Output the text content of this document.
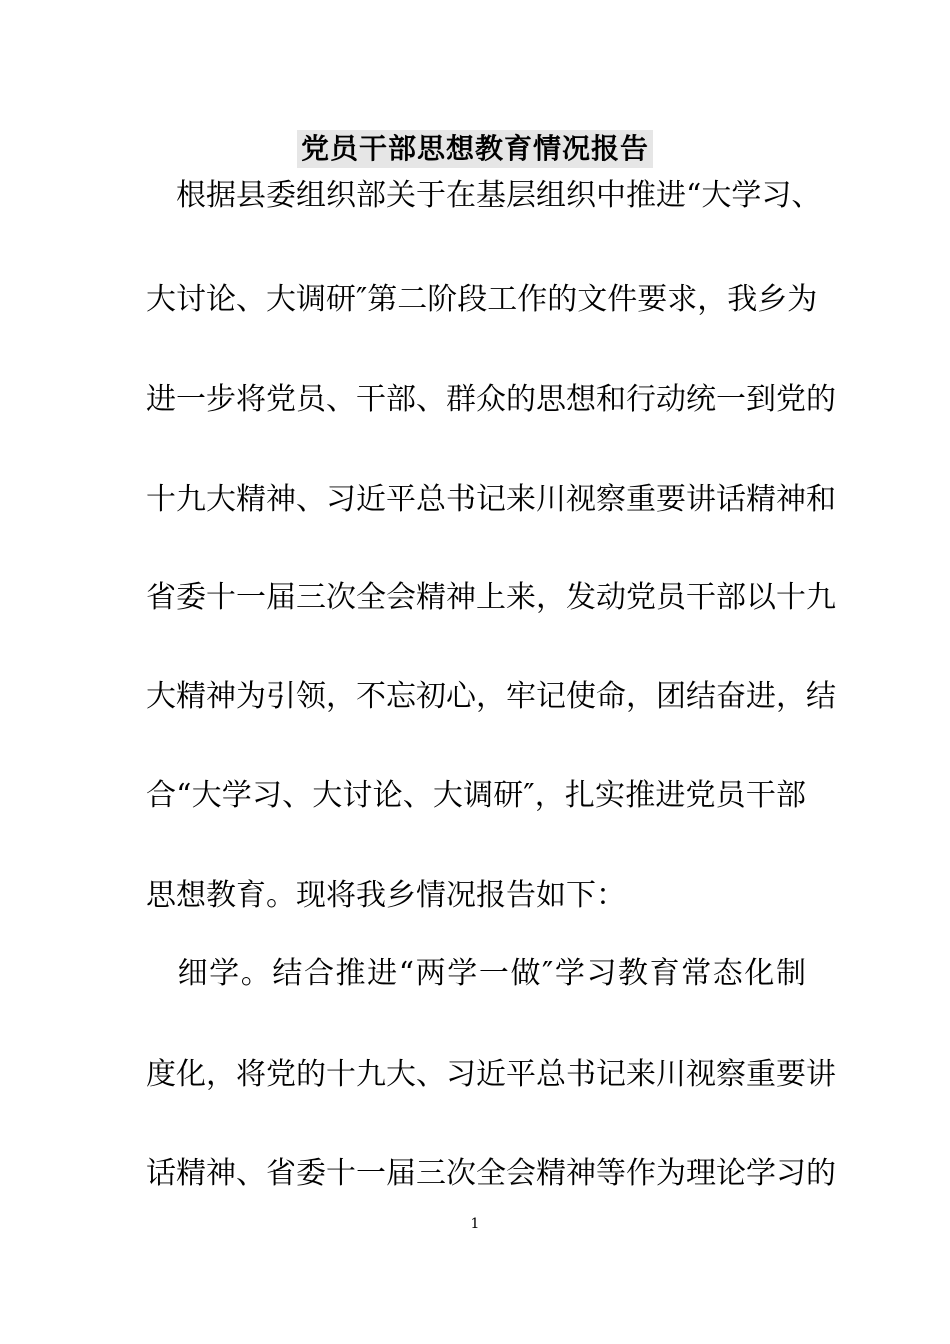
党员干部思想教育情况报告
　根据县委组织部关于在基层组织中推进“大学习、
大讨论、大调研″第二阶段工作的文件要求，我乡为
进一步将党员、干部、群众的思想和行动统一到党的
十九大精神、习近平总书记来川视察重要讲话精神和
省委十一届三次全会精神上来，发动党员干部以十九
大精神为引领，不忘初心，牢记使命，团结奋进，结
合“大学习、大讨论、大调研″，扎实推进党员干部
思想教育。现将我乡情况报告如下：
　细学。结合推进“两学一做″学习教育常态化制
度化，将党的十九大、习近平总书记来川视察重要讲
话精神、省委十一届三次全会精神等作为理论学习的
1
